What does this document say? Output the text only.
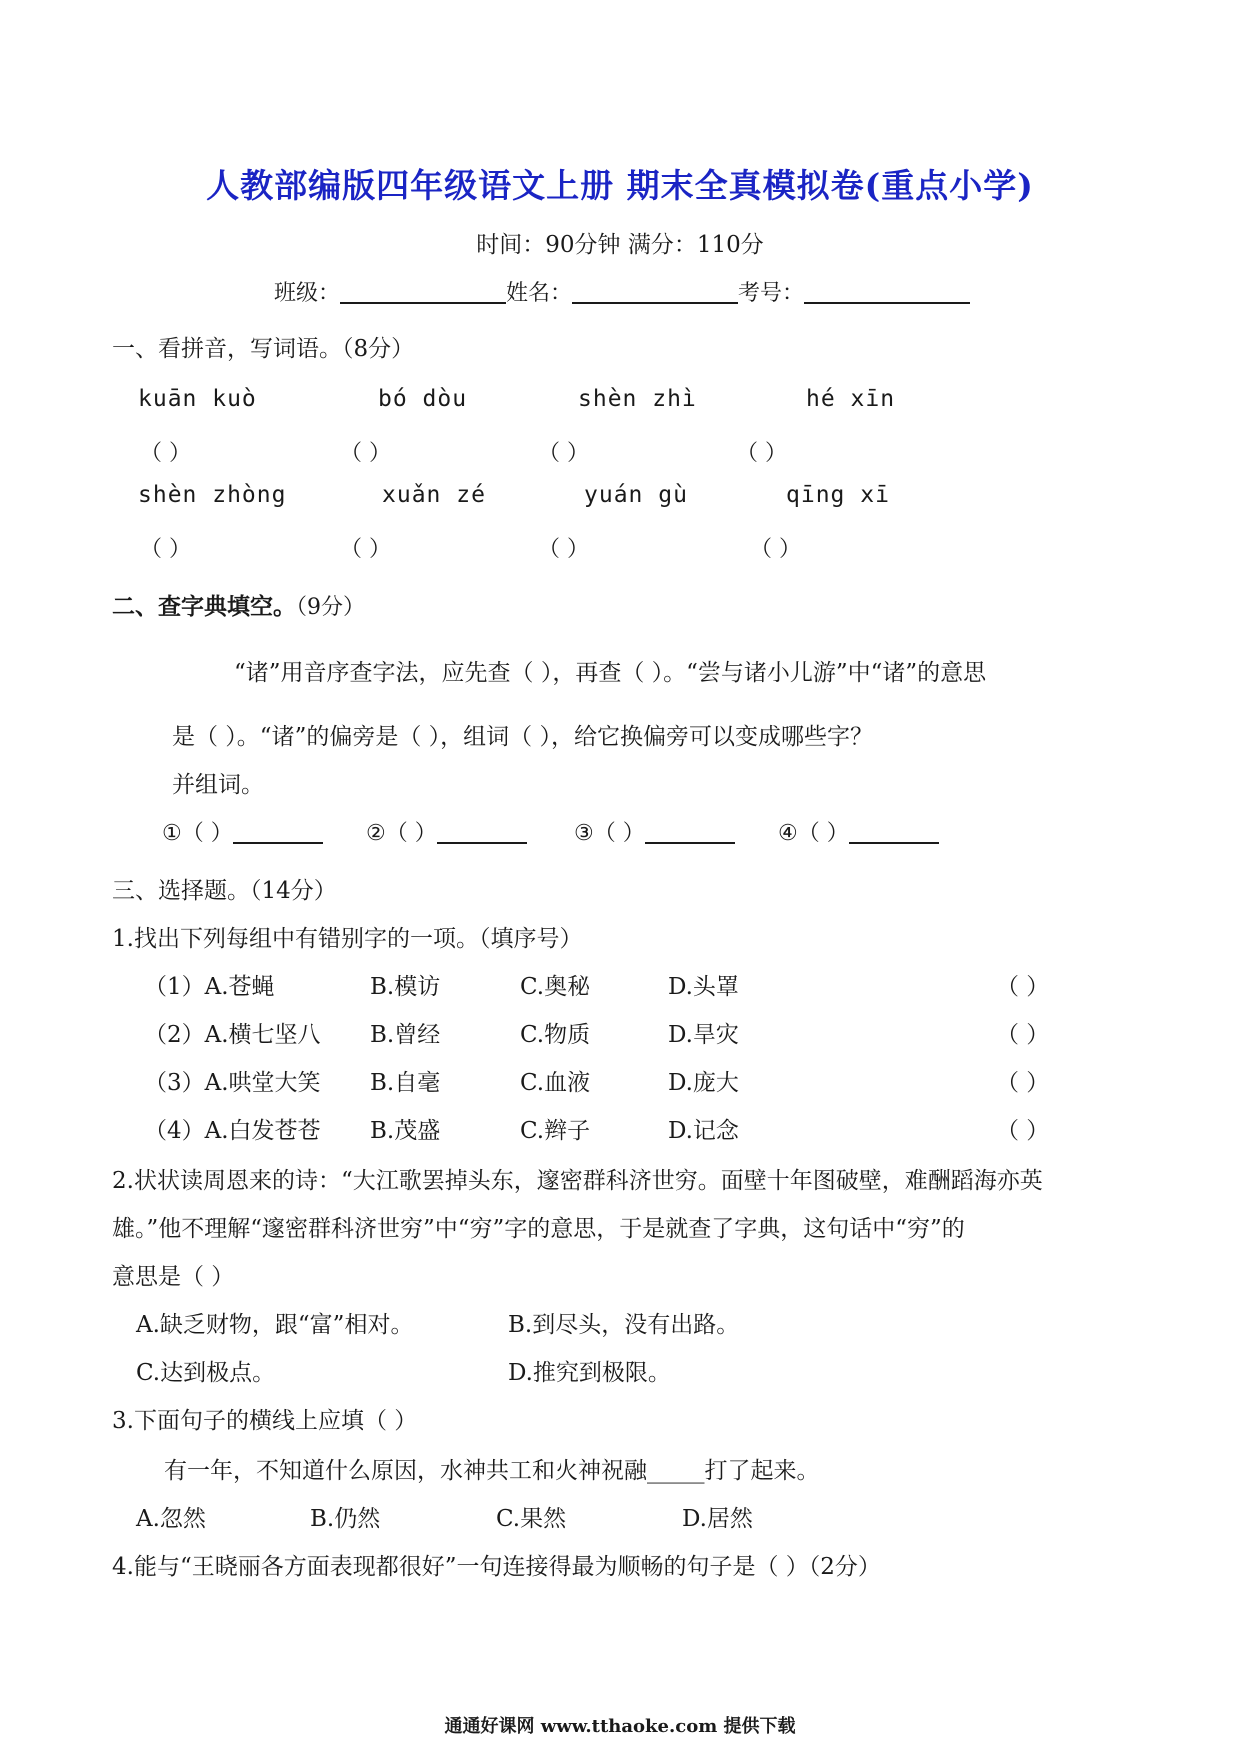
人教部编版四年级语文上册 期末全真模拟卷(重点小学)
时间：90分钟 满分：110分
班级：	姓名：	考号：
一、看拼音，写词语。（8分）
kuān kuò	bó dòu	shèn zhì	hé xīn
（ ）	（ ）	（ ）	（ ）
shèn zhòng	xuǎn zé	yuán gù	qīng xī
（ ）	（ ）	（ ）	（ ）
二、查字典填空。（9分）
“诸”用音序查字法，应先查（ ），再查（ ）。“尝与诸小儿游”中“诸”的意思
是（ ）。“诸”的偏旁是（ ），组词（ ），给它换偏旁可以变成哪些字？
并组词。
①（ ）	②（ ）	③（ ）	④（ ）
三、选择题。（14分）
1.找出下列每组中有错别字的一项。（填序号）
（1）A.苍蝇	B.模访	C.奥秘	D.头罩	（ ）
（2）A.横七坚八 B.曾经	C.物质	D.旱灾	（ ）
（3）A.哄堂大笑 B.自毫	C.血液	D.庞大	（ ）
（4）A.白发苍苍 B.茂盛	C.辫子	D.记念	（ ）
2.状状读周恩来的诗：“大江歌罢掉头东，邃密群科济世穷。面壁十年图破壁，难酬蹈海亦英
雄。”他不理解“邃密群科济世穷”中“穷”字的意思，于是就查了字典，这句话中“穷”的
意思是（ ）
A.缺乏财物，跟“富”相对。	B.到尽头，没有出路。
C.达到极点。	D.推究到极限。
3.下面句子的横线上应填（ ）
有一年，不知道什么原因，水神共工和火神祝融_____打了起来。
A.忽然	B.仍然	C.果然	D.居然
4.能与“王晓丽各方面表现都很好”一句连接得最为顺畅的句子是（ ）（2分）
通通好课网 www.tthaoke.com 提供下载
